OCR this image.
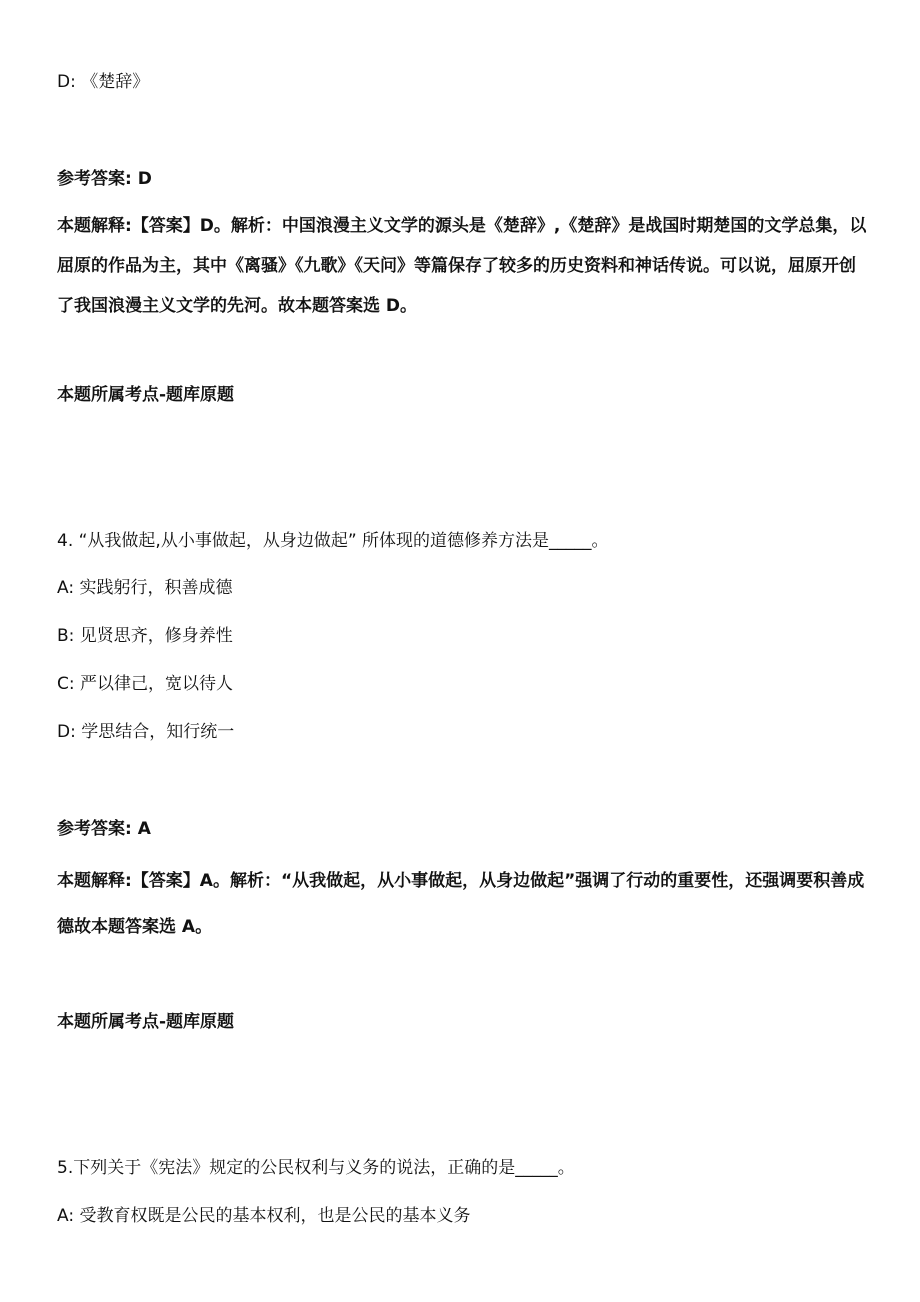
D: 《楚辞》
参考答案: D
本题解释:【答案】D。解析：中国浪漫主义文学的源头是《楚辞》,《楚辞》是战国时期楚国的文学总集，以屈原的作品为主，其中《离骚》《九歌》《天问》等篇保存了较多的历史资料和神话传说。可以说，屈原开创了我国浪漫主义文学的先河。故本题答案选 D。
本题所属考点-题库原题
4. “从我做起,从小事做起，从身边做起” 所体现的道德修养方法是_____。
A: 实践躬行，积善成德
B: 见贤思齐，修身养性
C: 严以律己，宽以待人
D: 学思结合，知行统一
参考答案: A
本题解释:【答案】A。解析：“从我做起，从小事做起，从身边做起”强调了行动的重要性，还强调要积善成德故本题答案选 A。
本题所属考点-题库原题
5.下列关于《宪法》规定的公民权利与义务的说法，正确的是_____。
A: 受教育权既是公民的基本权利，也是公民的基本义务
